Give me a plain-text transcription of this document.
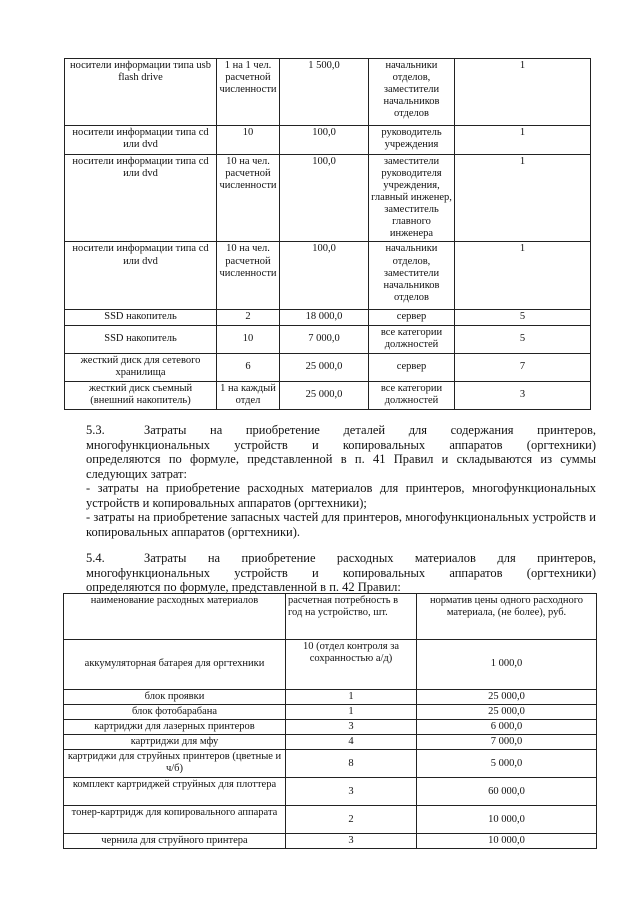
носители информации типа usb flash drive	1 на 1 чел. расчетной численности	1 500,0	начальники отделов, заместители начальников отделов	1
носители информации типа cd или dvd	10	100,0	руководитель учреждения	1
носители информации типа cd или dvd	10 на чел. расчетной численности	100,0	заместители руководителя учреждения, главный инженер, заместитель главного инженера	1
носители информации типа cd или dvd	10 на чел. расчетной численности	100,0	начальники отделов, заместители начальников отделов	1
SSD накопитель	2	18 000,0	сервер	5
SSD накопитель	10	7 000,0	все категории должностей	5
жесткий диск для сетевого хранилища	6	25 000,0	сервер	7
жесткий диск съемный (внешний накопитель)	1 на каждый отдел	25 000,0	все категории должностей	3
5.3.	Затраты на приобретение деталей для содержания принтеров,
многофункциональных устройств и копировальных аппаратов (оргтехники)
определяются по формуле, представленной в п. 41 Правил и складываются из суммы следующих затрат:
- затраты на приобретение расходных материалов для принтеров, многофункциональных устройств и копировальных аппаратов (оргтехники);
- затраты на приобретение запасных частей для принтеров, многофункциональных устройств и копировальных аппаратов (оргтехники).
5.4.	Затраты на приобретение расходных материалов для принтеров,
многофункциональных устройств и копировальных аппаратов (оргтехники)
определяются по формуле, представленной в п. 42 Правил:
наименование расходных материалов	расчетная потребность в год на устройство, шт.	норматив цены одного расходного материала, (не более), руб.
аккумуляторная батарея для оргтехники	10 (отдел контроля за сохранностью а/д)	1 000,0
блок проявки	1	25 000,0
блок фотобарабана	1	25 000,0
картриджи для лазерных принтеров	3	6 000,0
картриджи для мфу	4	7 000,0
картриджи для струйных принтеров (цветные и ч/б)	8	5 000,0
комплект картриджей струйных для плоттера	3	60 000,0
тонер-картридж для копировального аппарата	2	10 000,0
чернила для струйного принтера	3	10 000,0
